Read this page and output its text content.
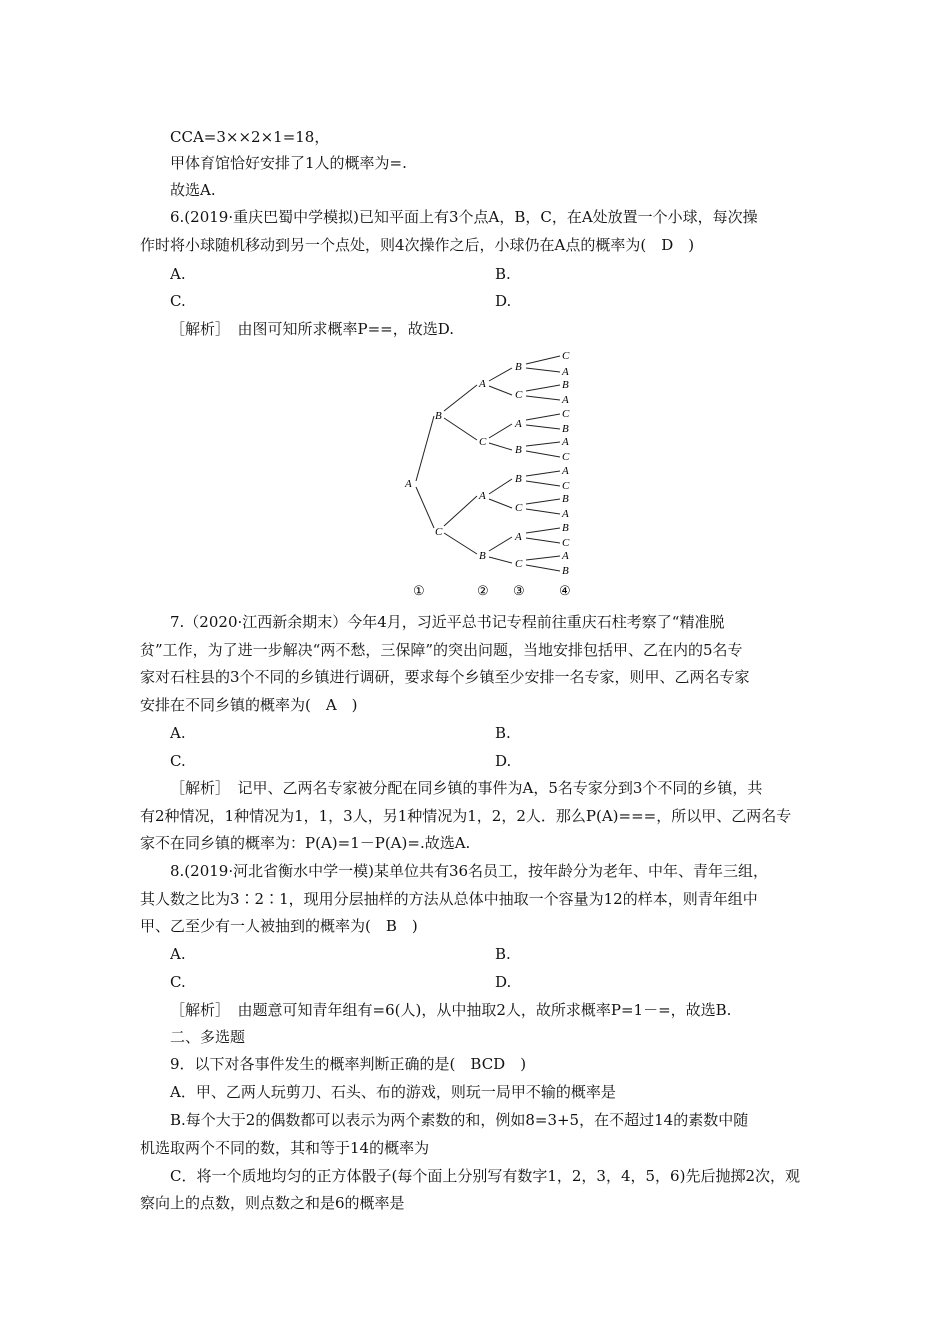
CCA=3××2×1=18，
甲体育馆恰好安排了1人的概率为=.
故选A.
6.(2019·重庆巴蜀中学模拟)已知平面上有3个点A，B，C，在A处放置一个小球，每次操
作时将小球随机移动到另一个点处，则4次操作之后，小球仍在A点的概率为(　D　)
A.	B.
C.	D.
［解析］　由图可知所求概率P==，故选D.
A
B
C
A
C
A
B
B
C
A
B
B
C
A
C
C
A
B
A
C
B
A
C
A
C
B
A
B
C
A
B
①	② ③	④
7.（2020·江西新余期末）今年4月，习近平总书记专程前往重庆石柱考察了“精准脱
贫”工作，为了进一步解决“两不愁，三保障”的突出问题，当地安排包括甲、乙在内的5名专
家对石柱县的3个不同的乡镇进行调研，要求每个乡镇至少安排一名专家，则甲、乙两名专家
安排在不同乡镇的概率为(　A　)
A.	B.
C.	D.
［解析］　记甲、乙两名专家被分配在同乡镇的事件为A，5名专家分到3个不同的乡镇，共
有2种情况，1种情况为1，1，3人，另1种情况为1，2，2人．那么P(A)===，所以甲、乙两名专
家不在同乡镇的概率为：P(A)=1－P(A)=.故选A.
8.(2019·河北省衡水中学一模)某单位共有36名员工，按年龄分为老年、中年、青年三组，
其人数之比为3∶2∶1，现用分层抽样的方法从总体中抽取一个容量为12的样本，则青年组中
甲、乙至少有一人被抽到的概率为(　B　)
A.	B.
C.	D.
［解析］　由题意可知青年组有=6(人)，从中抽取2人，故所求概率P=1－=，故选B.
二、多选题
9．以下对各事件发生的概率判断正确的是(　BCD　)
A．甲、乙两人玩剪刀、石头、布的游戏，则玩一局甲不输的概率是
B.每个大于2的偶数都可以表示为两个素数的和，例如8=3+5，在不超过14的素数中随
机选取两个不同的数，其和等于14的概率为
C．将一个质地均匀的正方体骰子(每个面上分别写有数字1，2，3，4，5，6)先后抛掷2次，观
察向上的点数，则点数之和是6的概率是
